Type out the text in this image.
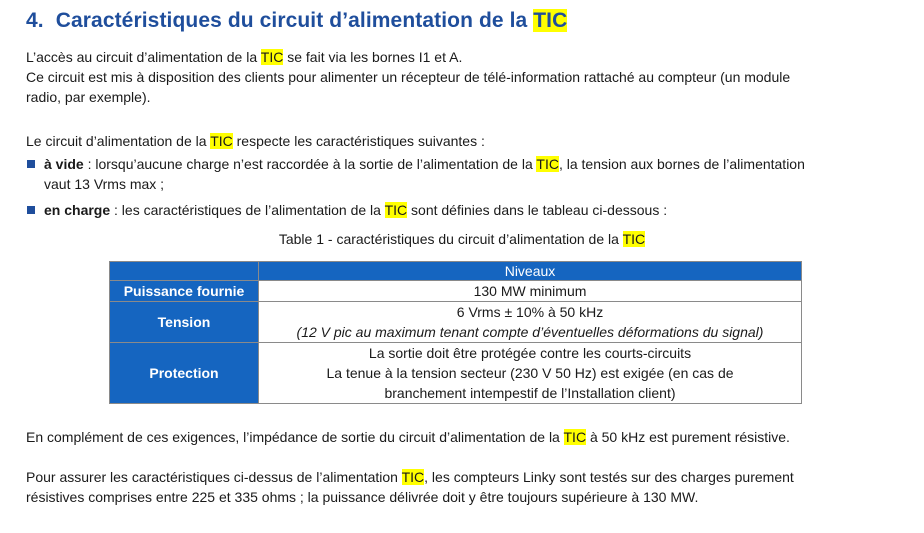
4. Caractéristiques du circuit d’alimentation de la TIC

L’accès au circuit d’alimentation de la TIC se fait via les bornes I1 et A.

Ce circuit est mis à disposition des clients pour alimenter un récepteur de télé-information rattaché au compteur (un module

radio, par exemple).

Le circuit d’alimentation de la TIC respecte les caractéristiques suivantes :

à vide : lorsqu’aucune charge n’est raccordée à la sortie de l’alimentation de la TIC, la tension aux bornes de l’alimentation
vaut 13 Vrms max ;
en charge : les caractéristiques de l’alimentation de la TIC sont définies dans le tableau ci-dessous :
Table 1 - caractéristiques du circuit d’alimentation de la TIC
	Niveaux
Puissance fournie	130 MW minimum
Tension	6 Vrms ± 10% à 50 kHz
(12 V pic au maximum tenant compte d’éventuelles déformations du signal)
Protection	La sortie doit être protégée contre les courts-circuits
La tenue à la tension secteur (230 V 50 Hz) est exigée (en cas de
branchement intempestif de l’Installation client)

En complément de ces exigences, l’impédance de sortie du circuit d’alimentation de la TIC à 50 kHz est purement résistive.

Pour assurer les caractéristiques ci-dessus de l’alimentation TIC, les compteurs Linky sont testés sur des charges purement

résistives comprises entre 225 et 335 ohms ; la puissance délivrée doit y être toujours supérieure à 130 MW.
